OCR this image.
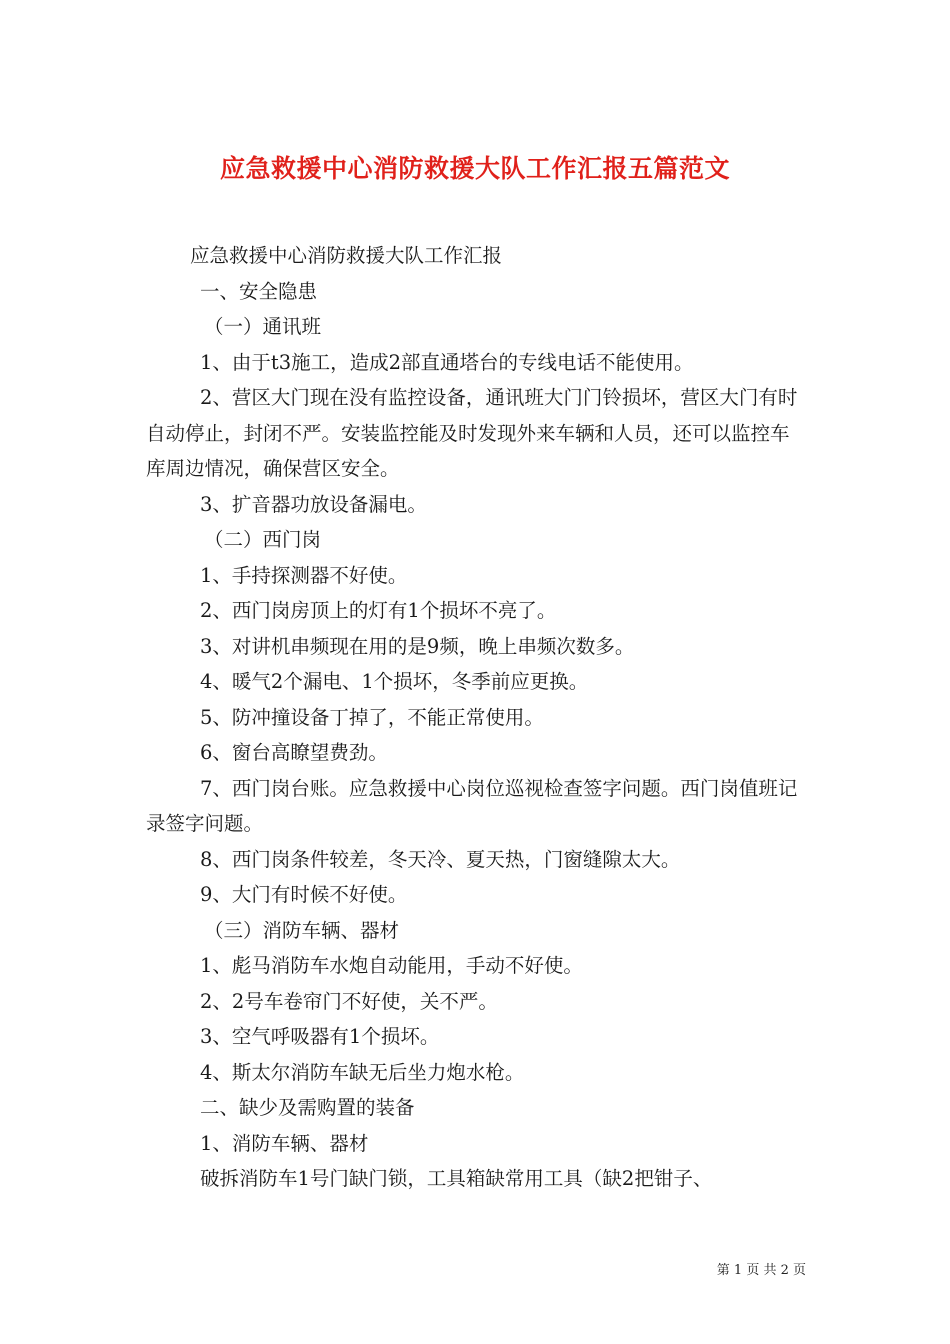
应急救援中心消防救援大队工作汇报五篇范文

应急救援中心消防救援大队工作汇报

一、安全隐患

（一）通讯班

1、由于t3施工，造成2部直通塔台的专线电话不能使用。

2、营区大门现在没有监控设备，通讯班大门门铃损坏，营区大门有时自动停止，封闭不严。安装监控能及时发现外来车辆和人员，还可以监控车库周边情况，确保营区安全。

3、扩音器功放设备漏电。

（二）西门岗

1、手持探测器不好使。

2、西门岗房顶上的灯有1个损坏不亮了。

3、对讲机串频现在用的是9频，晚上串频次数多。

4、暖气2个漏电、1个损坏，冬季前应更换。

5、防冲撞设备丁掉了，不能正常使用。

6、窗台高瞭望费劲。

7、西门岗台账。应急救援中心岗位巡视检查签字问题。西门岗值班记录签字问题。

8、西门岗条件较差，冬天冷、夏天热，门窗缝隙太大。

9、大门有时候不好使。

（三）消防车辆、器材

1、彪马消防车水炮自动能用，手动不好使。

2、2号车卷帘门不好使，关不严。

3、空气呼吸器有1个损坏。

4、斯太尔消防车缺无后坐力炮水枪。

二、缺少及需购置的装备

1、消防车辆、器材

破拆消防车1号门缺门锁，工具箱缺常用工具（缺2把钳子、

第 1 页 共 2 页
